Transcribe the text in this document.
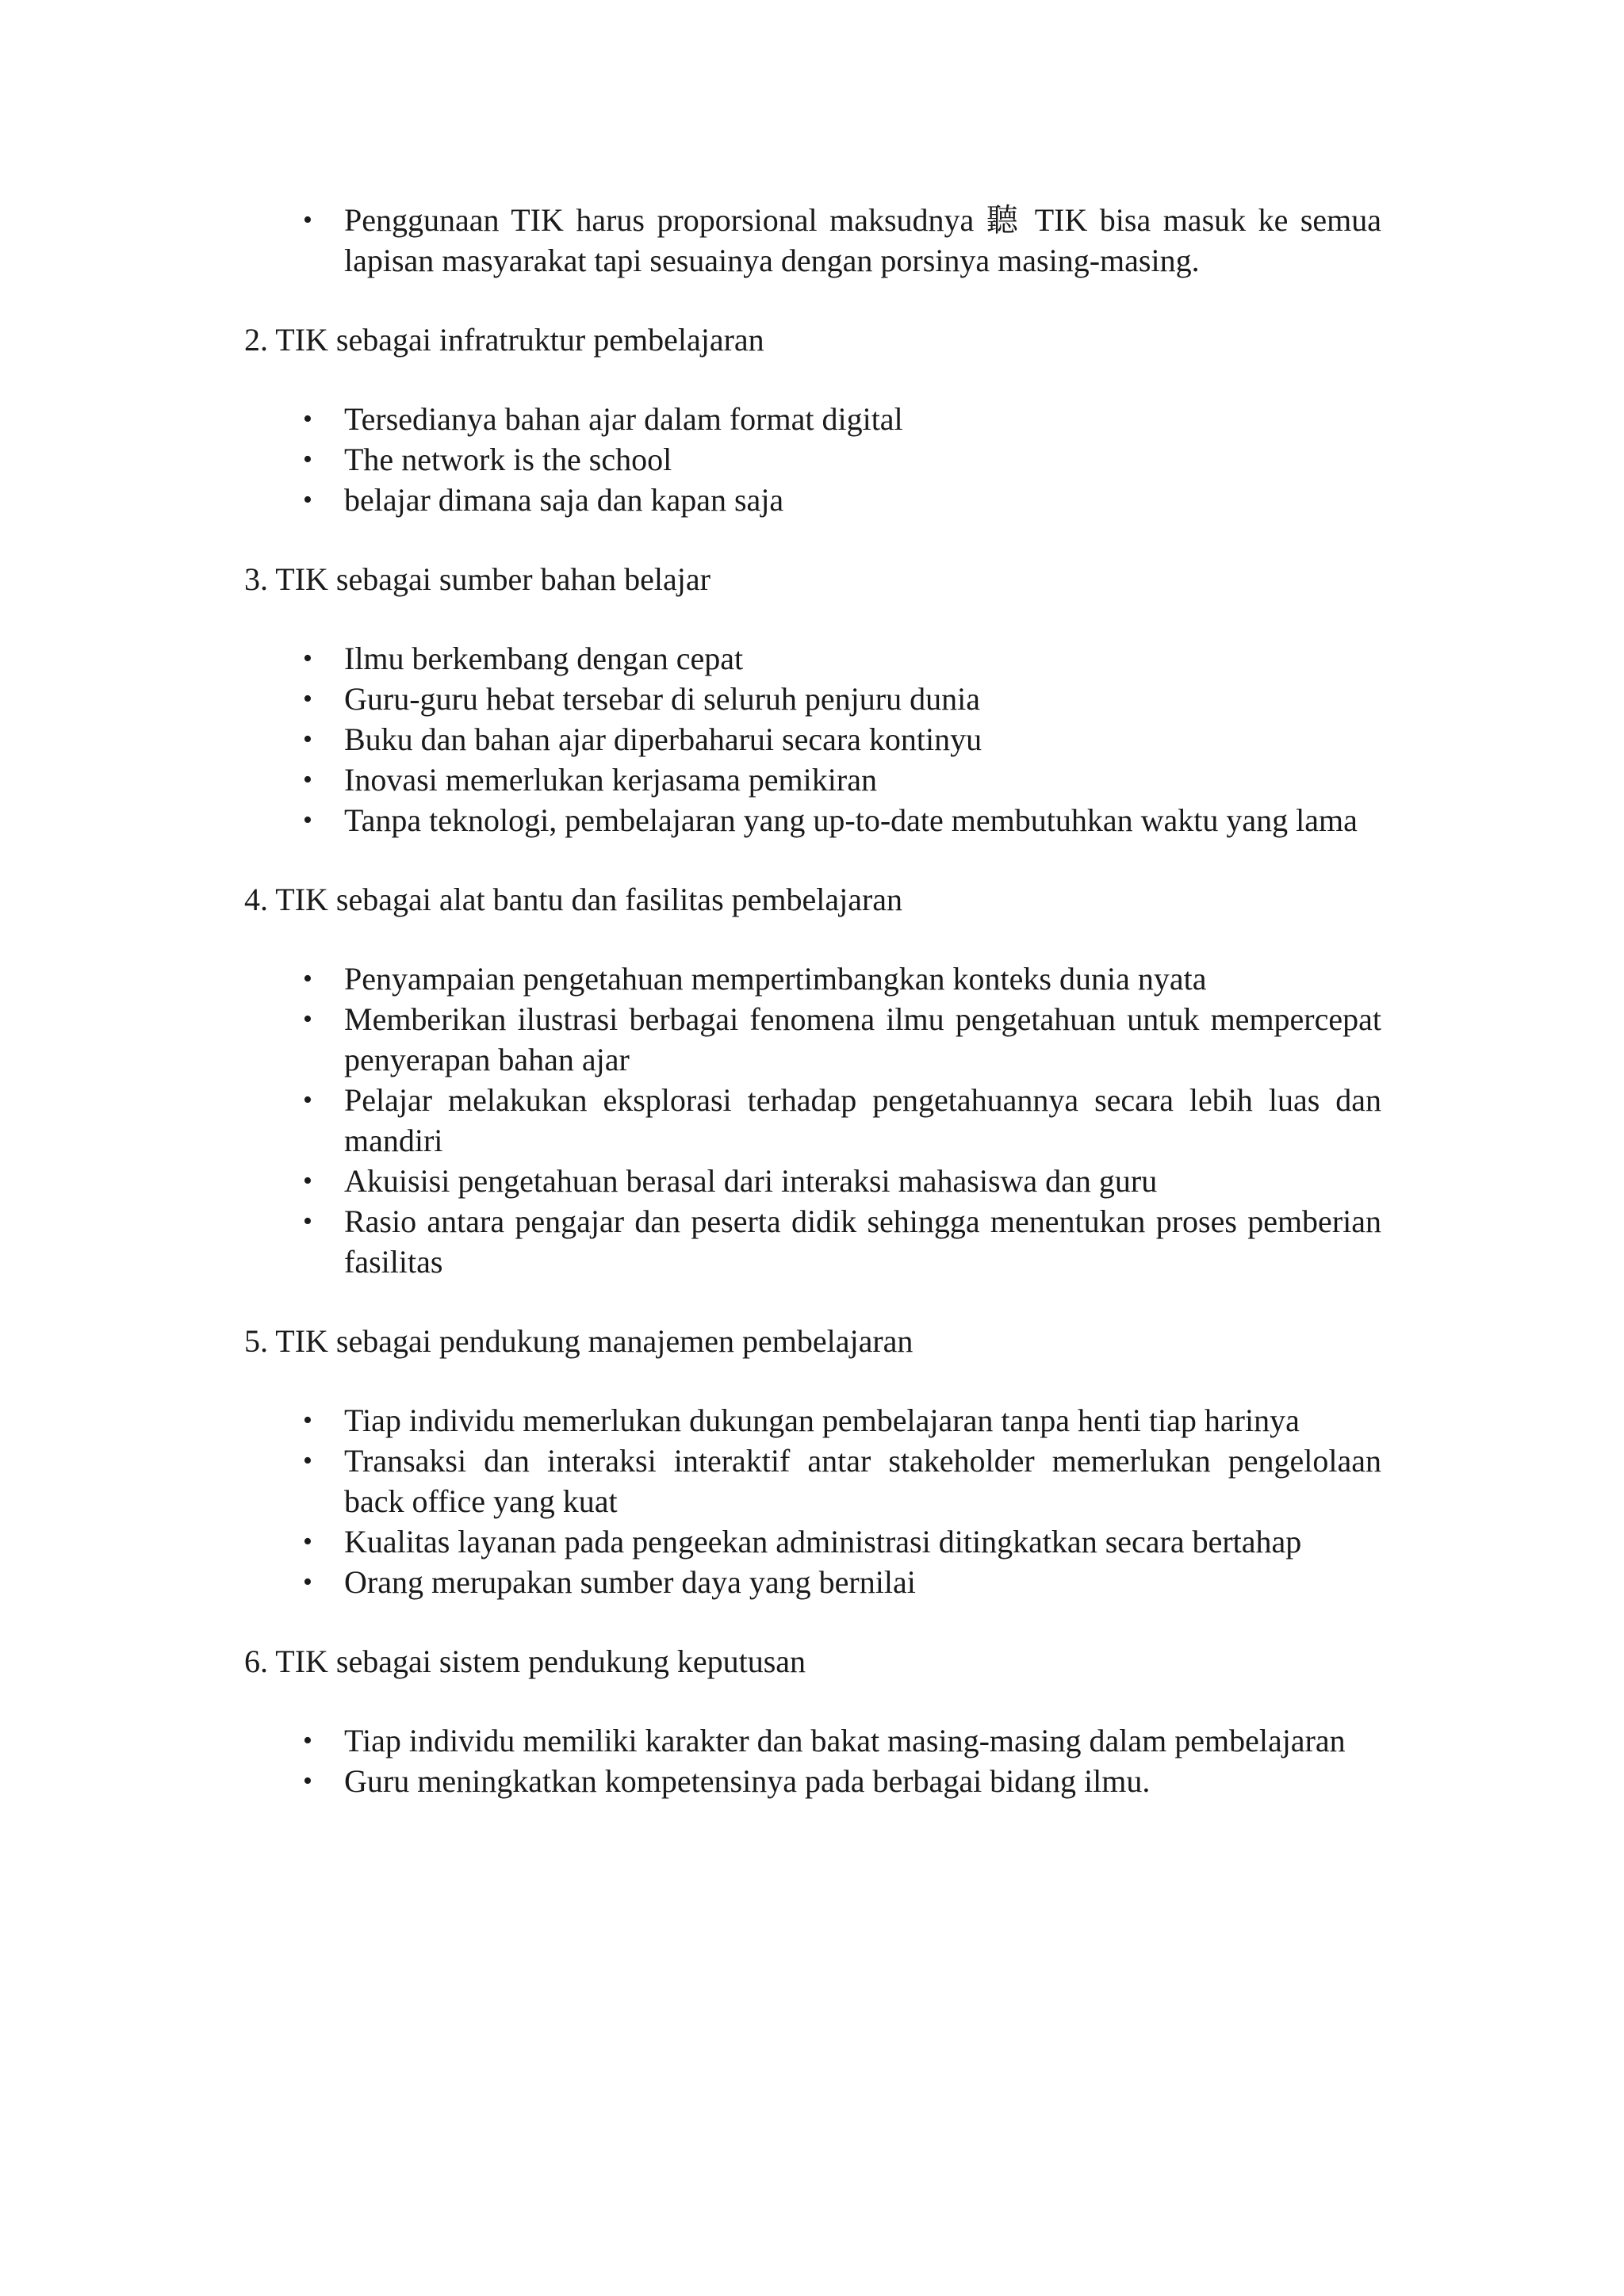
•	Penggunaan TIK harus proporsional maksudnya 聽 TIK bisa masuk ke semua lapisan masyarakat tapi sesuainya dengan porsinya masing-masing.
2. TIK sebagai infratruktur pembelajaran
•	Tersedianya bahan ajar dalam format digital
•	The network is the school
•	belajar dimana saja dan kapan saja
3. TIK sebagai sumber bahan belajar
•	Ilmu berkembang dengan cepat
•	Guru-guru hebat tersebar di seluruh penjuru dunia
•	Buku dan bahan ajar diperbaharui secara kontinyu
•	Inovasi memerlukan kerjasama pemikiran
•	Tanpa teknologi, pembelajaran yang up-to-date membutuhkan waktu yang lama
4. TIK sebagai alat bantu dan fasilitas pembelajaran
•	Penyampaian pengetahuan mempertimbangkan konteks dunia nyata
•	Memberikan ilustrasi berbagai fenomena ilmu pengetahuan untuk mempercepat penyerapan bahan ajar
•	Pelajar melakukan eksplorasi terhadap pengetahuannya secara lebih luas dan mandiri
•	Akuisisi pengetahuan berasal dari interaksi mahasiswa dan guru
•	Rasio antara pengajar dan peserta didik sehingga menentukan proses pemberian fasilitas
5. TIK sebagai pendukung manajemen pembelajaran
•	Tiap individu memerlukan dukungan pembelajaran tanpa henti tiap harinya
•	Transaksi dan interaksi interaktif antar stakeholder memerlukan pengelolaan back office yang kuat
•	Kualitas layanan pada pengeekan administrasi ditingkatkan secara bertahap
•	Orang merupakan sumber daya yang bernilai
6. TIK sebagai sistem pendukung keputusan
•	Tiap individu memiliki karakter dan bakat masing-masing dalam pembelajaran
•	Guru meningkatkan kompetensinya pada berbagai bidang ilmu.
